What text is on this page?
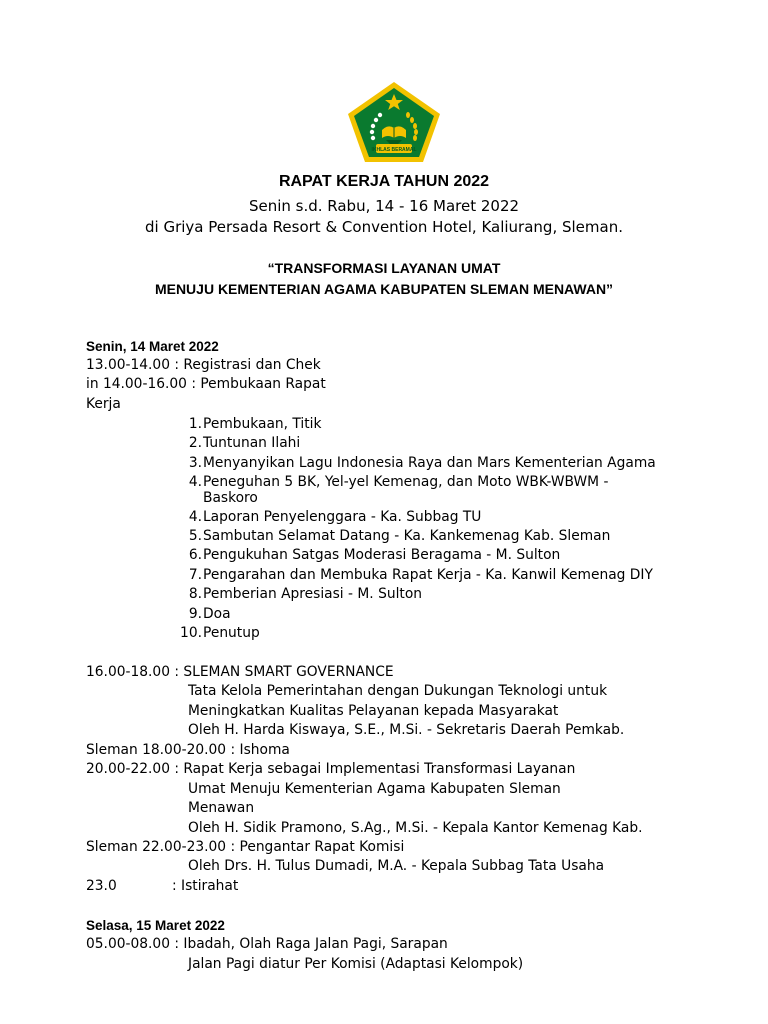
IKHLAS BERAMAL
RAPAT KERJA TAHUN 2022
Senin s.d. Rabu, 14 - 16 Maret 2022
di Griya Persada Resort & Convention Hotel, Kaliurang, Sleman.
“TRANSFORMASI LAYANAN UMAT
MENUJU KEMENTERIAN AGAMA KABUPATEN SLEMAN MENAWAN”
Senin, 14 Maret 2022
13.00-14.00 : Registrasi dan Chek
in 14.00-16.00 : Pembukaan Rapat
Kerja
1. Pembukaan, Titik
2. Tuntunan Ilahi
3. Menyanyikan Lagu Indonesia Raya dan Mars Kementerian Agama
4. Peneguhan 5 BK, Yel-yel Kemenag, dan Moto WBK-WBWM -
Baskoro
4. Laporan Penyelenggara - Ka. Subbag TU
5. Sambutan Selamat Datang - Ka. Kankemenag Kab. Sleman
6. Pengukuhan Satgas Moderasi Beragama - M. Sulton
7. Pengarahan dan Membuka Rapat Kerja - Ka. Kanwil Kemenag DIY
8. Pemberian Apresiasi - M. Sulton
9. Doa
10. Penutup
16.00-18.00 : SLEMAN SMART GOVERNANCE
Tata Kelola Pemerintahan dengan Dukungan Teknologi untuk
Meningkatkan Kualitas Pelayanan kepada Masyarakat
Oleh H. Harda Kiswaya, S.E., M.Si. - Sekretaris Daerah Pemkab.
Sleman 18.00-20.00 : Ishoma
20.00-22.00 : Rapat Kerja sebagai Implementasi Transformasi Layanan
Umat Menuju Kementerian Agama Kabupaten Sleman
Menawan
Oleh H. Sidik Pramono, S.Ag., M.Si. - Kepala Kantor Kemenag Kab.
Sleman 22.00-23.00 : Pengantar Rapat Komisi
Oleh Drs. H. Tulus Dumadi, M.A. - Kepala Subbag Tata Usaha
23.0	: Istirahat
Selasa, 15 Maret 2022
05.00-08.00 : Ibadah, Olah Raga Jalan Pagi, Sarapan
Jalan Pagi diatur Per Komisi (Adaptasi Kelompok)
